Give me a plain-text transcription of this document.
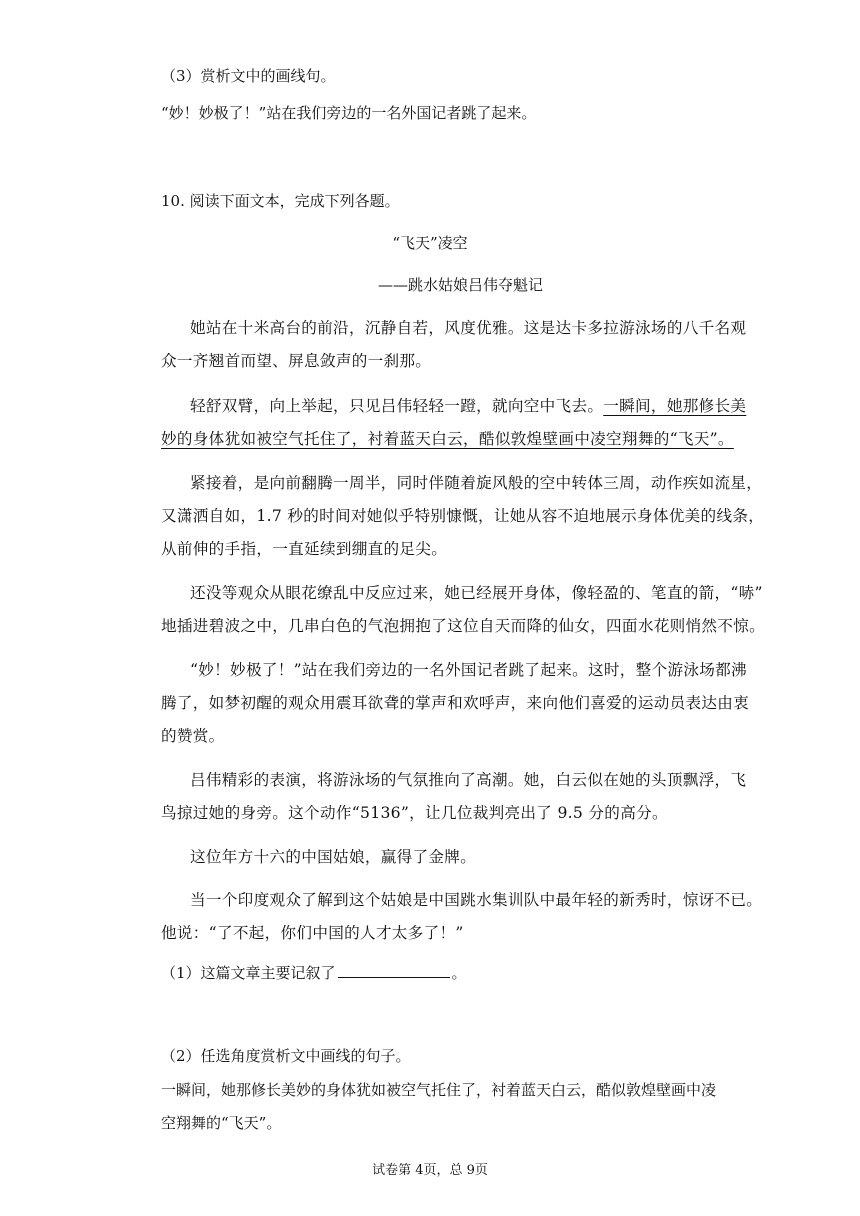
（3）赏析文中的画线句。
“妙！妙极了！”站在我们旁边的一名外国记者跳了起来。
10. 阅读下面文本，完成下列各题。
“飞天”凌空
——跳水姑娘吕伟夺魁记
她站在十米高台的前沿，沉静自若，风度优雅。这是达卡多拉游泳场的八千名观
众一齐翘首而望、屏息敛声的一刹那。
轻舒双臂，向上举起，只见吕伟轻轻一蹬，就向空中飞去。一瞬间，她那修长美
妙的身体犹如被空气托住了，衬着蓝天白云，酷似敦煌壁画中凌空翔舞的“飞天”。
紧接着，是向前翻腾一周半，同时伴随着旋风般的空中转体三周，动作疾如流星，
又潇洒自如，1.7 秒的时间对她似乎特别慷慨，让她从容不迫地展示身体优美的线条，
从前伸的手指，一直延续到绷直的足尖。
还没等观众从眼花缭乱中反应过来，她已经展开身体，像轻盈的、笔直的箭，“哧”
地插进碧波之中，几串白色的气泡拥抱了这位自天而降的仙女，四面水花则悄然不惊。
“妙！妙极了！”站在我们旁边的一名外国记者跳了起来。这时，整个游泳场都沸
腾了，如梦初醒的观众用震耳欲聋的掌声和欢呼声，来向他们喜爱的运动员表达由衷
的赞赏。
吕伟精彩的表演，将游泳场的气氛推向了高潮。她，白云似在她的头顶飘浮，飞
鸟掠过她的身旁。这个动作“5136”，让几位裁判亮出了 9.5 分的高分。
这位年方十六的中国姑娘，赢得了金牌。
当一个印度观众了解到这个姑娘是中国跳水集训队中最年轻的新秀时，惊讶不已。
他说：“了不起，你们中国的人才太多了！”
（1）这篇文章主要记叙了	。
（2）任选角度赏析文中画线的句子。
一瞬间，她那修长美妙的身体犹如被空气托住了，衬着蓝天白云，酷似敦煌壁画中凌
空翔舞的“飞天”。
试卷第 4页，总 9页
